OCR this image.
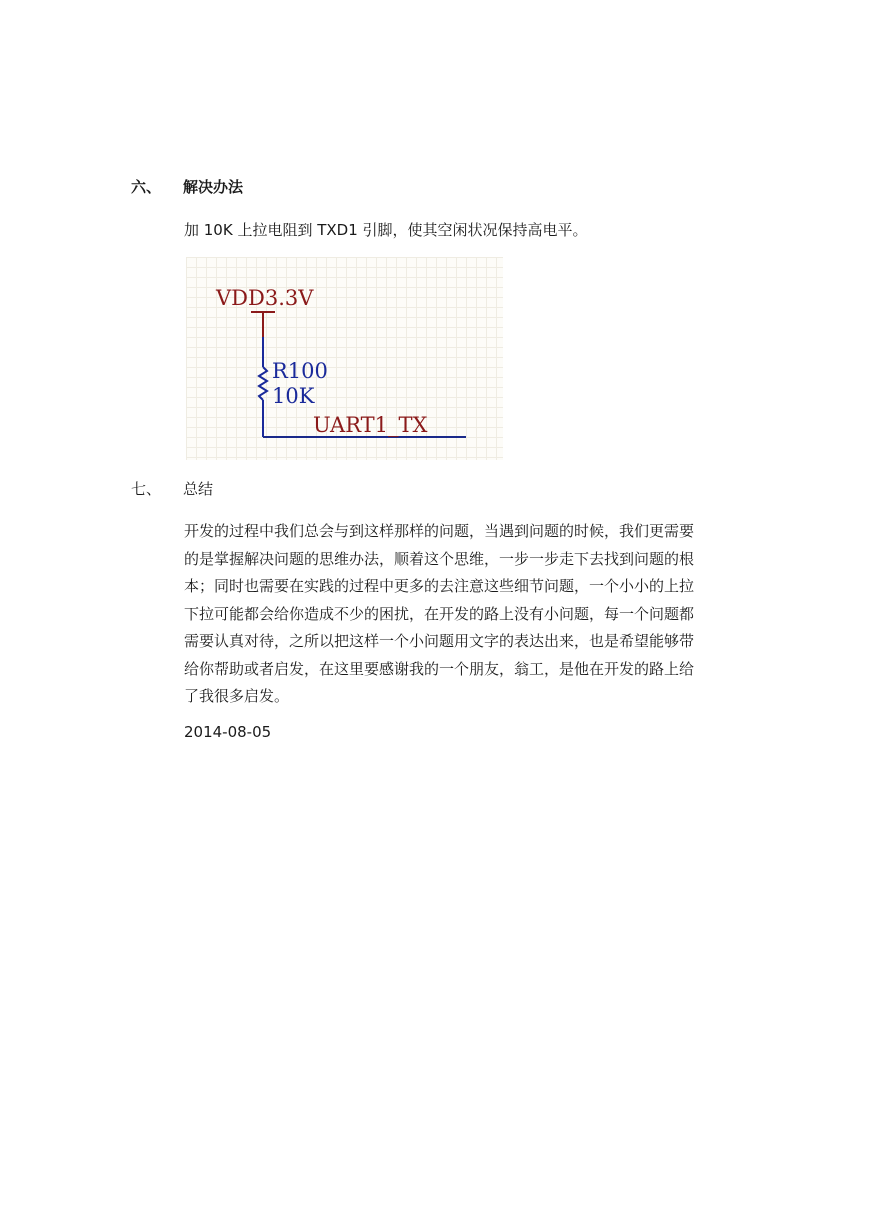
六、 解决办法
加 10K 上拉电阻到 TXD1 引脚，使其空闲状况保持高电平。
VDD3.3V
R100
10K
UART1_TX
七、 总结
开发的过程中我们总会与到这样那样的问题，当遇到问题的时候，我们更需要
的是掌握解决问题的思维办法，顺着这个思维，一步一步走下去找到问题的根
本；同时也需要在实践的过程中更多的去注意这些细节问题，一个小小的上拉
下拉可能都会给你造成不少的困扰，在开发的路上没有小问题，每一个问题都
需要认真对待，之所以把这样一个小问题用文字的表达出来，也是希望能够带
给你帮助或者启发，在这里要感谢我的一个朋友，翁工，是他在开发的路上给
了我很多启发。
2014-08-05
